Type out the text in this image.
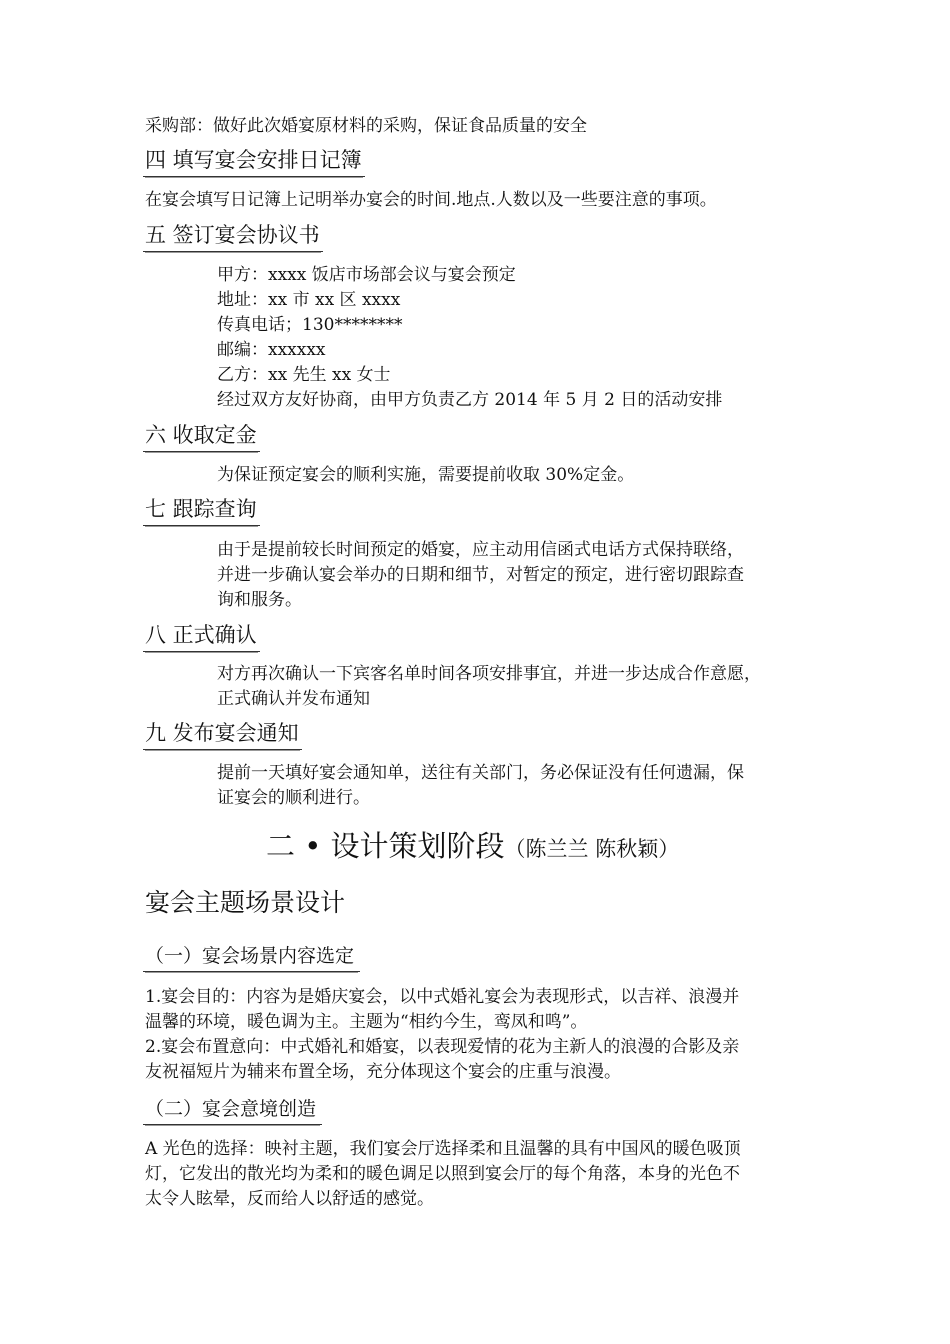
采购部：做好此次婚宴原材料的采购，保证食品质量的安全
四 填写宴会安排日记簿
在宴会填写日记簿上记明举办宴会的时间.地点.人数以及一些要注意的事项。
五 签订宴会协议书
甲方：xxxx 饭店市场部会议与宴会预定
地址：xx 市 xx 区 xxxx
传真电话；130********
邮编：xxxxxx
乙方：xx 先生 xx 女士
经过双方友好协商，由甲方负责乙方 2014 年 5 月 2 日的活动安排
六 收取定金
为保证预定宴会的顺利实施，需要提前收取 30%定金。
七 跟踪查询
由于是提前较长时间预定的婚宴，应主动用信函式电话方式保持联络，
并进一步确认宴会举办的日期和细节，对暂定的预定，进行密切跟踪查
询和服务。
八 正式确认
对方再次确认一下宾客名单时间各项安排事宜，并进一步达成合作意愿，
正式确认并发布通知
九 发布宴会通知
提前一天填好宴会通知单，送往有关部门，务必保证没有任何遗漏，保
证宴会的顺利进行。
二 • 设计策划阶段（陈兰兰 陈秋颖）
宴会主题场景设计
（一）宴会场景内容选定
1.宴会目的：内容为是婚庆宴会，以中式婚礼宴会为表现形式，以吉祥、浪漫并
温馨的环境，暖色调为主。主题为“相约今生，鸾凤和鸣”。
2.宴会布置意向：中式婚礼和婚宴，以表现爱情的花为主新人的浪漫的合影及亲
友祝福短片为辅来布置全场，充分体现这个宴会的庄重与浪漫。
（二）宴会意境创造
A 光色的选择：映衬主题，我们宴会厅选择柔和且温馨的具有中国风的暖色吸顶
灯，它发出的散光均为柔和的暖色调足以照到宴会厅的每个角落，本身的光色不
太令人眩晕，反而给人以舒适的感觉。
